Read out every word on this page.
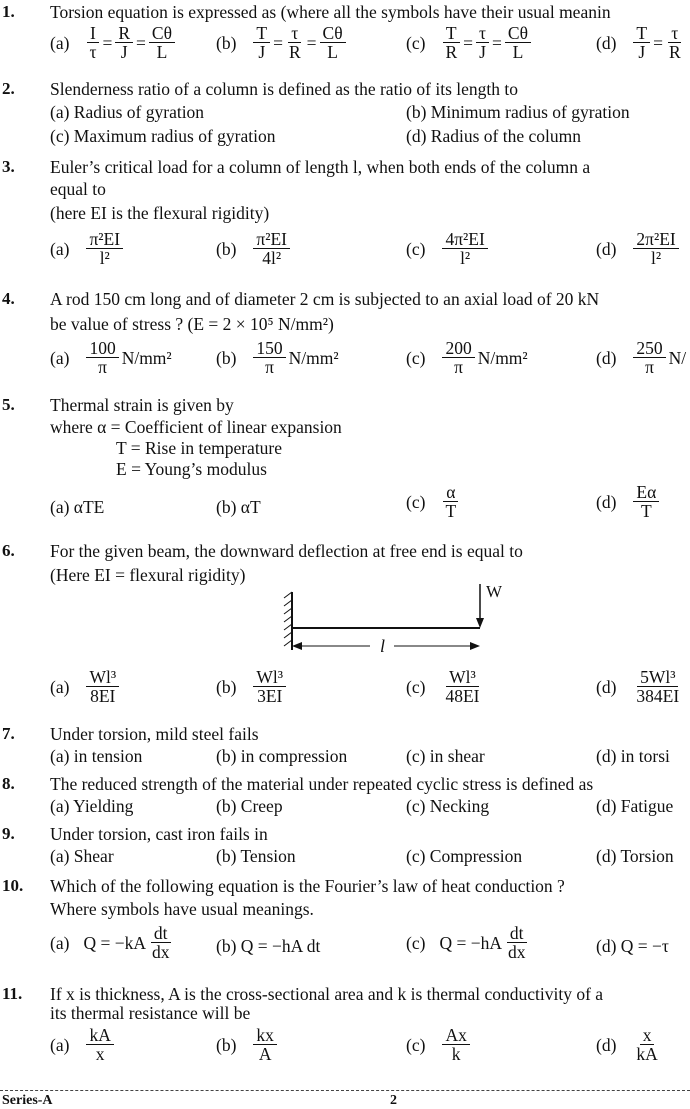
1. Torsion equation is expressed as (where all the symbols have their usual meanin
$(a) \frac{I}{\tau} = \frac{R}{J} = \frac{C\theta}{L} (b) \frac{T}{J} = \frac{\tau}{R} = \frac{C\theta}{L}$	$(c) \frac{T}{R} = \frac{\tau}{J} = \frac{C\theta}{L}$	$(d) \frac{T}{J} = \frac{\tau}{R}$
2. Slenderness ratio of a column is defined as the ratio of its length to
(a) Radius of gyration	(b) Minimum radius of gyration
(c) Maximum radius of gyration	(d) Radius of the column
3. Euler’s critical load for a column of length l, when both ends of the column a
equal to
(here EI is the flexural rigidity)
$(a) \frac{\text{π²EI}}{\text{l²}}$	$(b) \frac{\text{π²EI}}{\text{4l²}}$	$(c) \frac{\text{4π²EI}}{\text{l²}}$	$(d) \frac{\text{2π²EI}}{\text{l²}}$
4. A rod 150 cm long and of diameter 2 cm is subjected to an axial load of 20 kN
be value of stress ? (E = 2 × 10⁵ N/mm²)
$(a) \frac{100}{\pi} N/mm^2$	$(b) \frac{150}{\pi} N/mm^2$	$(c) \frac{200}{\pi} N/mm^2$	$(d) \frac{250}{\pi} N/$
5. Thermal strain is given by
where α = Coefficient of linear expansion
T = Rise in temperature
E = Young’s modulus
(a) αTE	(b) αT	$(c) \frac{\alpha}{T}$	$(d) \frac{E\alpha}{T}$
6. For the given beam, the downward deflection at free end is equal to
(Here EI = flexural rigidity)
W
l
$(a) \frac{\text{Wl³}}{8EI}$	$(b) \frac{\text{Wl³}}{3EI}$	$(c) \frac{\text{Wl³}}{48EI}$	$(d) \frac{\text{5Wl³}}{384EI}$
7. Under torsion, mild steel fails
(a) in tension	(b) in compression	(c) in shear	(d) in torsi
8. The reduced strength of the material under repeated cyclic stress is defined as
(a) Yielding	(b) Creep	(c) Necking	(d) Fatigue
9. Under torsion, cast iron fails in
(a) Shear	(b) Tension	(c) Compression	(d) Torsion
10. Which of the following equation is the Fourier’s law of heat conduction ?
Where symbols have usual meanings.
(a) $Q = -kA \frac{dt}{dx} (b) Q = -hA$ dt	(c) $Q = -hA \frac{dt}{dx}$	(d) Q = −τ
11. If x is thickness, A is the cross-sectional area and k is thermal conductivity of a
its thermal resistance will be
$(a) \frac{kA}{x}$	$(b) \frac{kx}{A}$	$(c) \frac{Ax}{k}$	$(d) \frac{x}{kA}$
Series-A	2
